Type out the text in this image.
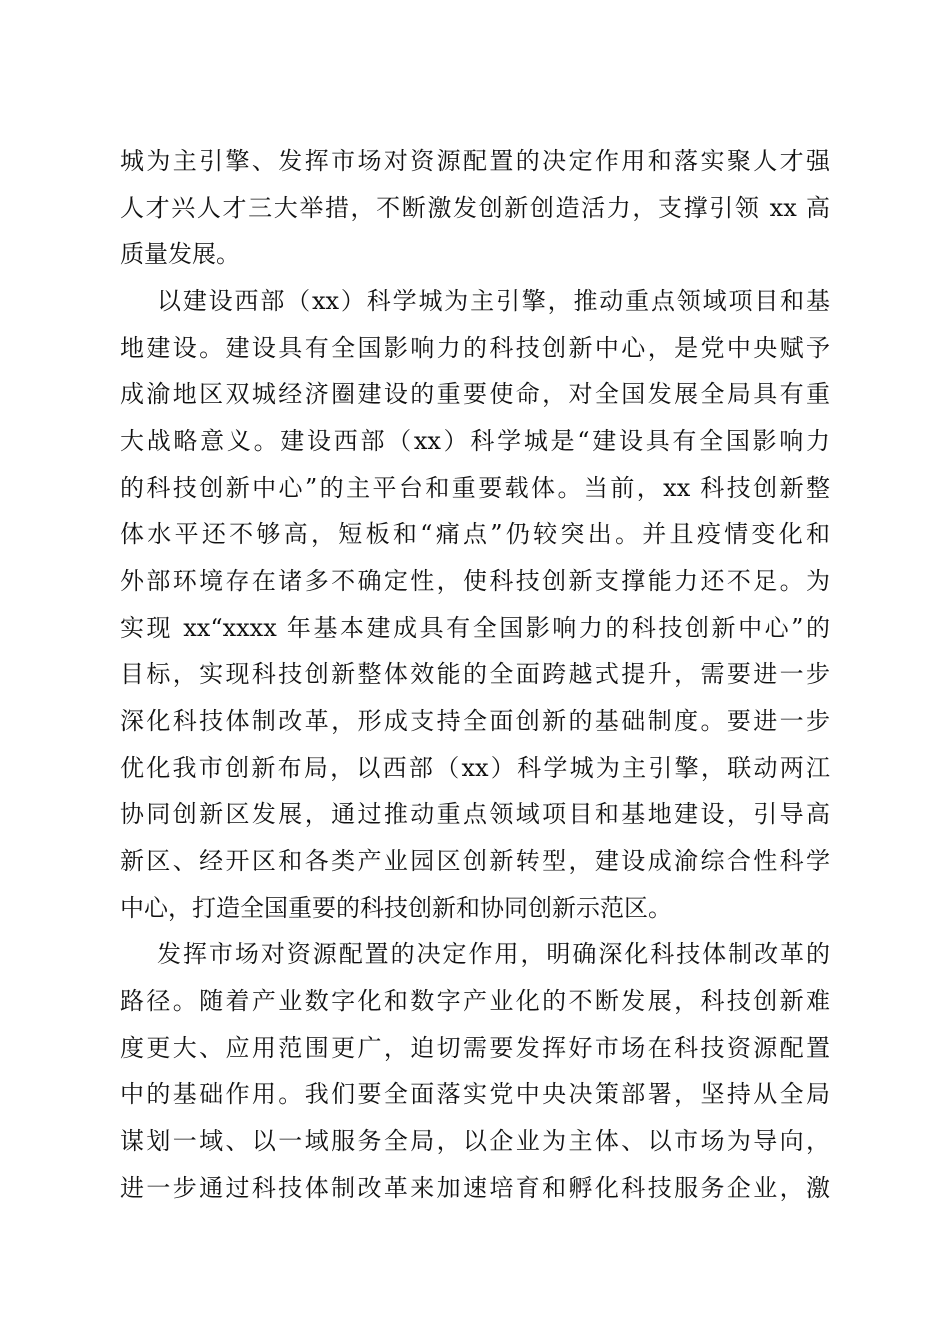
城为主引擎、发挥市场对资源配置的决定作用和落实聚人才强
人才兴人才三大举措，不断激发创新创造活力，支撑引领 xx 高
质量发展。
以建设西部（xx）科学城为主引擎，推动重点领域项目和基
地建设。建设具有全国影响力的科技创新中心，是党中央赋予
成渝地区双城经济圈建设的重要使命，对全国发展全局具有重
大战略意义。建设西部（xx）科学城是“建设具有全国影响力
的科技创新中心”的主平台和重要载体。当前，xx 科技创新整
体水平还不够高，短板和“痛点”仍较突出。并且疫情变化和
外部环境存在诸多不确定性，使科技创新支撑能力还不足。为
实现 xx“xxxx 年基本建成具有全国影响力的科技创新中心”的
目标，实现科技创新整体效能的全面跨越式提升，需要进一步
深化科技体制改革，形成支持全面创新的基础制度。要进一步
优化我市创新布局，以西部（xx）科学城为主引擎，联动两江
协同创新区发展，通过推动重点领域项目和基地建设，引导高
新区、经开区和各类产业园区创新转型，建设成渝综合性科学
中心，打造全国重要的科技创新和协同创新示范区。
发挥市场对资源配置的决定作用，明确深化科技体制改革的
路径。随着产业数字化和数字产业化的不断发展，科技创新难
度更大、应用范围更广，迫切需要发挥好市场在科技资源配置
中的基础作用。我们要全面落实党中央决策部署，坚持从全局
谋划一域、以一域服务全局，以企业为主体、以市场为导向，
进一步通过科技体制改革来加速培育和孵化科技服务企业，激
